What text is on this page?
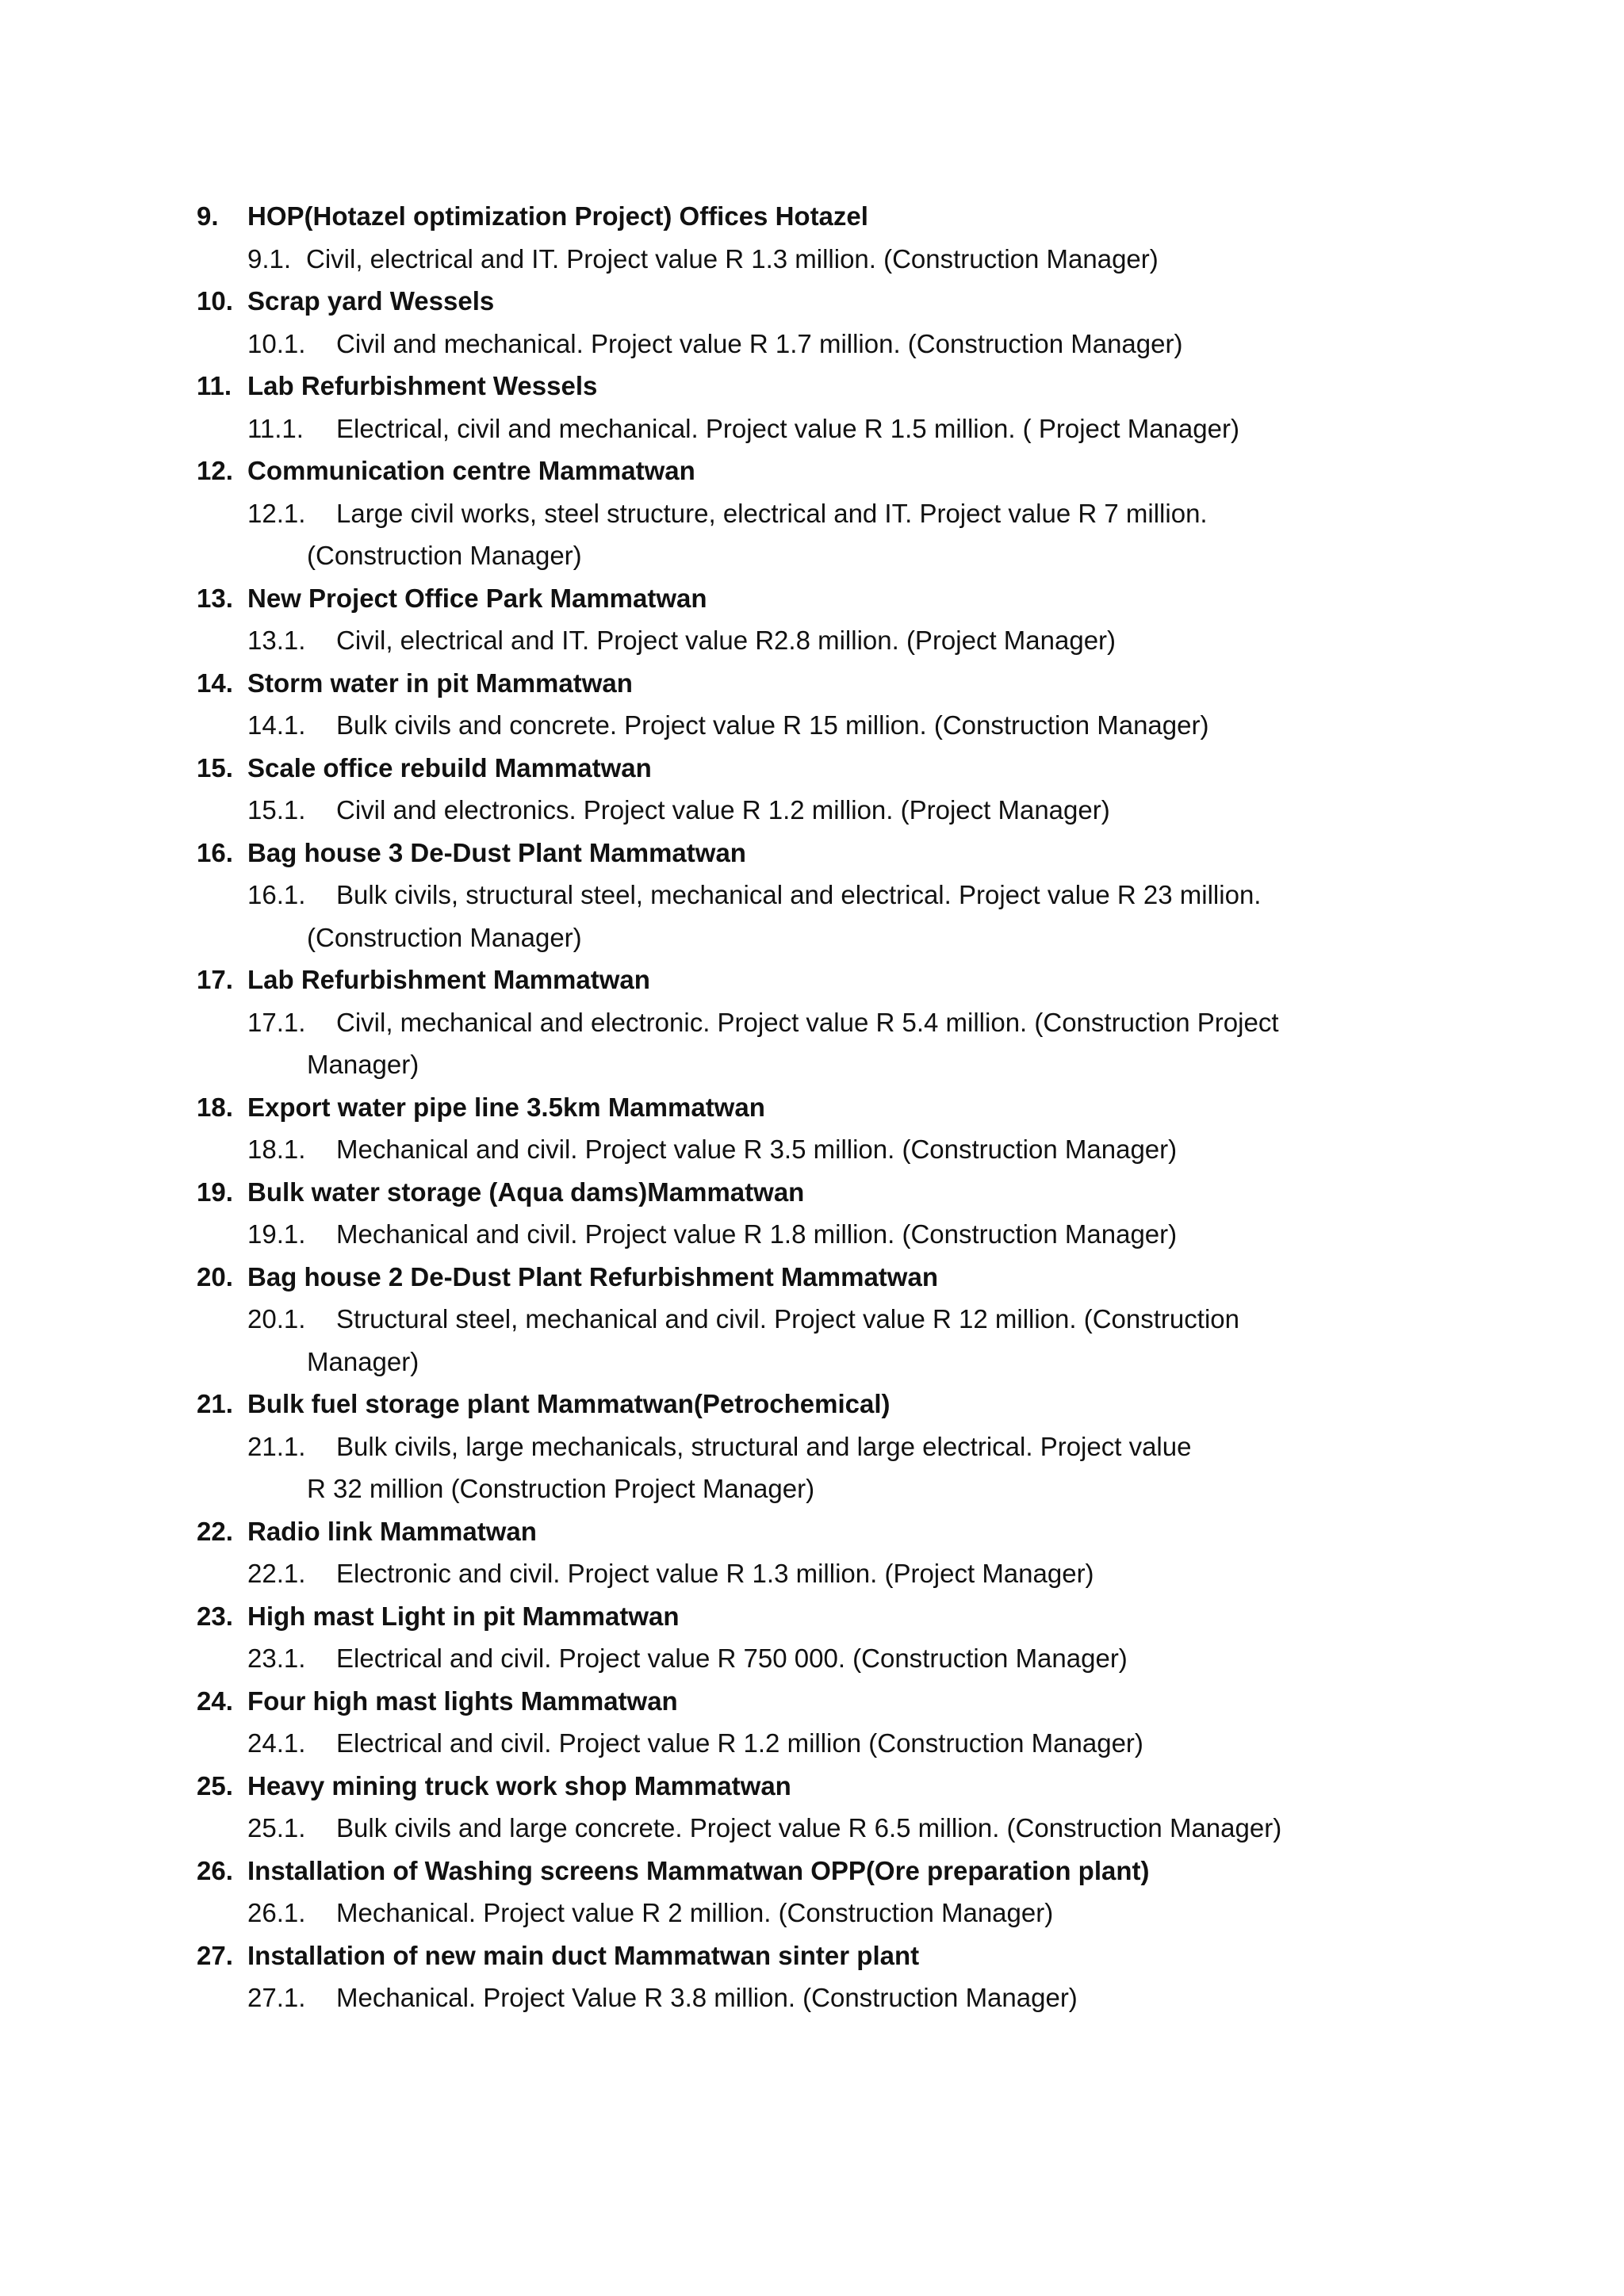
9.	HOP(Hotazel optimization Project) Offices Hotazel
9.1. Civil, electrical and IT. Project value R 1.3 million. (Construction Manager)
10. Scrap yard Wessels
10.1.	Civil and mechanical. Project value R 1.7 million. (Construction Manager)
11. Lab Refurbishment Wessels
11.1.	Electrical, civil and mechanical. Project value R 1.5 million. ( Project Manager)
12. Communication centre Mammatwan
12.1.	Large civil works, steel structure, electrical and IT. Project value R 7 million.
(Construction Manager)
13. New Project Office Park Mammatwan
13.1.	Civil, electrical and IT. Project value R2.8 million. (Project Manager)
14. Storm water in pit Mammatwan
14.1.	Bulk civils and concrete. Project value R 15 million. (Construction Manager)
15. Scale office rebuild Mammatwan
15.1.	Civil and electronics. Project value R 1.2 million. (Project Manager)
16. Bag house 3 De-Dust Plant Mammatwan
16.1.	Bulk civils, structural steel, mechanical and electrical. Project value R 23 million.
(Construction Manager)
17. Lab Refurbishment Mammatwan
17.1.	Civil, mechanical and electronic. Project value R 5.4 million. (Construction Project
Manager)
18. Export water pipe line 3.5km Mammatwan
18.1.	Mechanical and civil. Project value R 3.5 million. (Construction Manager)
19. Bulk water storage (Aqua dams)Mammatwan
19.1.	Mechanical and civil. Project value R 1.8 million. (Construction Manager)
20. Bag house 2 De-Dust Plant Refurbishment Mammatwan
20.1.	Structural steel, mechanical and civil. Project value R 12 million. (Construction
Manager)
21. Bulk fuel storage plant Mammatwan(Petrochemical)
21.1.	Bulk civils, large mechanicals, structural and large electrical. Project value
R 32 million (Construction Project Manager)
22. Radio link Mammatwan
22.1.	Electronic and civil. Project value R 1.3 million. (Project Manager)
23. High mast Light in pit Mammatwan
23.1.	Electrical and civil. Project value R 750 000. (Construction Manager)
24. Four high mast lights Mammatwan
24.1.	Electrical and civil. Project value R 1.2 million (Construction Manager)
25. Heavy mining truck work shop Mammatwan
25.1.	Bulk civils and large concrete. Project value R 6.5 million. (Construction Manager)
26. Installation of Washing screens Mammatwan OPP(Ore preparation plant)
26.1.	Mechanical. Project value R 2 million. (Construction Manager)
27. Installation of new main duct Mammatwan sinter plant
27.1.	Mechanical. Project Value R 3.8 million. (Construction Manager)
